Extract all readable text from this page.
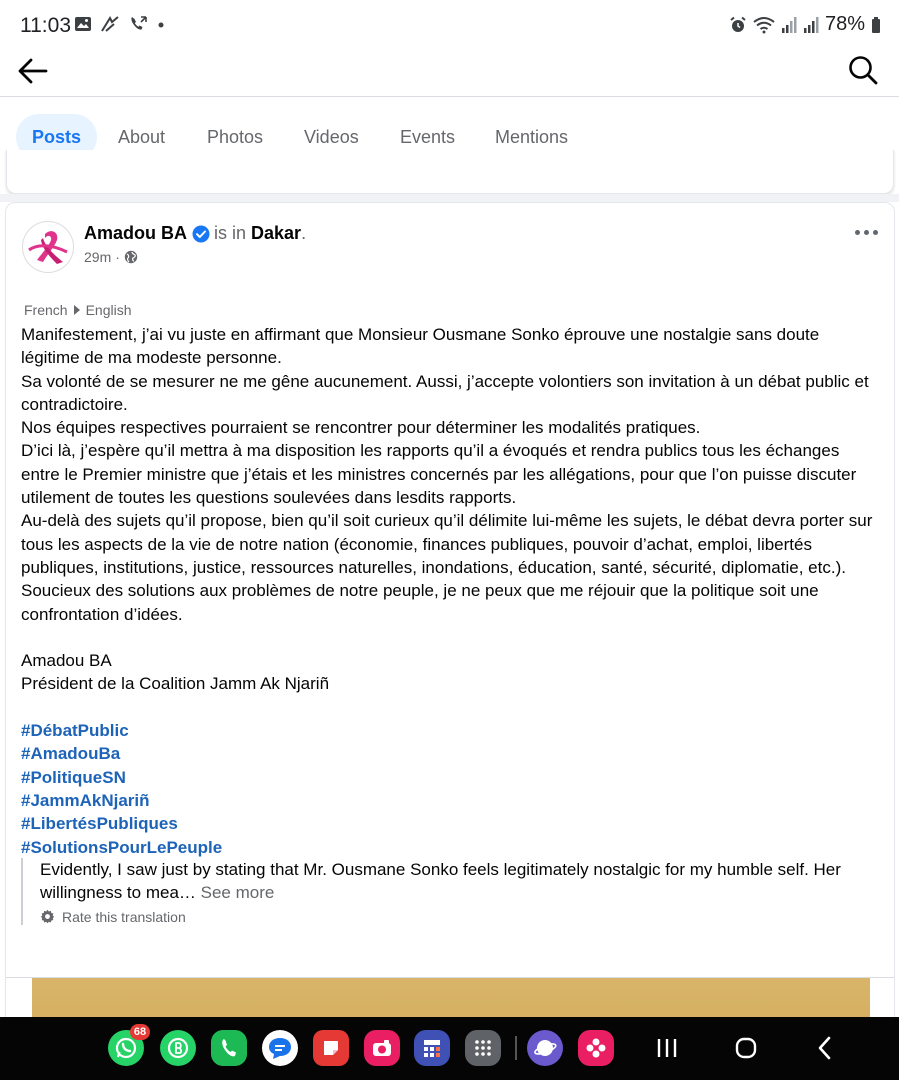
11:03	78%
Posts	About	Photos	Videos	Events	Mentions
Amadou BA is in Dakar .
29m ·
French English

Manifestement, j’ai vu juste en affirmant que Monsieur Ousmane Sonko éprouve une nostalgie sans doute légitime de ma modeste personne.

Sa volonté de se mesurer ne me gêne aucunement. Aussi, j’accepte volontiers son invitation à un débat public et contradictoire.

Nos équipes respectives pourraient se rencontrer pour déterminer les modalités pratiques.

D’ici là, j’espère qu’il mettra à ma disposition les rapports qu’il a évoqués et rendra publics tous les échanges entre le Premier ministre que j’étais et les ministres concernés par les allégations, pour que l’on puisse discuter utilement de toutes les questions soulevées dans lesdits rapports.

Au-delà des sujets qu’il propose, bien qu’il soit curieux qu’il délimite lui-même les sujets, le débat devra porter sur tous les aspects de la vie de notre nation (économie, finances publiques, pouvoir d’achat, emploi, libertés publiques, institutions, justice, ressources naturelles, inondations, éducation, santé, sécurité, diplomatie, etc.).

Soucieux des solutions aux problèmes de notre peuple, je ne peux que me réjouir que la politique soit une confrontation d’idées.

Amadou BA

Président de la Coalition Jamm Ak Njariñ

#DébatPublic
#AmadouBa
#PolitiqueSN
#JammAkNjariñ
#LibertésPubliques
#SolutionsPourLePeuple
Evidently, I saw just by stating that Mr. Ousmane Sonko feels legitimately nostalgic for my humble self. Her willingness to mea… See more
Rate this translation
68
